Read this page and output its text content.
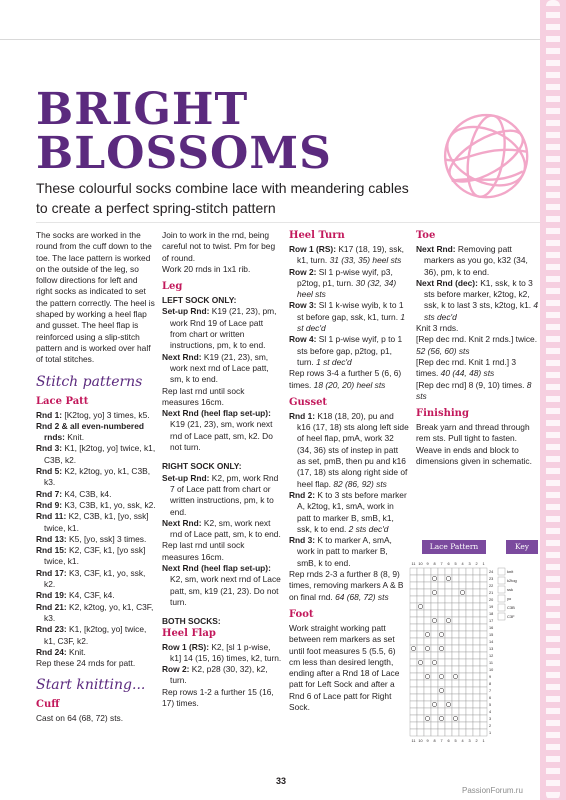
BRIGHT
BLOSSOMS
These colourful socks combine lace with meandering cables to create a perfect spring-stitch pattern

The socks are worked in the round from the cuff down to the toe. The lace pattern is worked on the outside of the leg, so follow directions for left and right socks as indicated to set the pattern correctly. The heel is shaped by working a heel flap and gusset. The heel flap is reinforced using a slip-stitch pattern and is worked over half of total stitches.

Stitch patterns
Lace Patt

Rnd 1: [K2tog, yo] 3 times, k5.

Rnd 2 & all even-numbered rnds: Knit.

Rnd 3: K1, [k2tog, yo] twice, k1, C3B, k2.

Rnd 5: K2, k2tog, yo, k1, C3B, k3.

Rnd 7: K4, C3B, k4.

Rnd 9: K3, C3B, k1, yo, ssk, k2.

Rnd 11: K2, C3B, k1, [yo, ssk] twice, k1.

Rnd 13: K5, [yo, ssk] 3 times.

Rnd 15: K2, C3F, k1, [yo ssk] twice, k1.

Rnd 17: K3, C3F, k1, yo, ssk, k2.

Rnd 19: K4, C3F, k4.

Rnd 21: K2, k2tog, yo, k1, C3F, k3.

Rnd 23: K1, [k2tog, yo] twice, k1, C3F, k2.

Rnd 24: Knit.

Rep these 24 rnds for patt.

Start knitting...
Cuff

Cast on 64 (68, 72) sts.

Join to work in the rnd, being careful not to twist. Pm for beg of round.

Work 20 rnds in 1x1 rib.

Leg

LEFT SOCK ONLY:

Set-up Rnd: K19 (21, 23), pm, work Rnd 19 of Lace patt from chart or written instructions, pm, k to end.

Next Rnd: K19 (21, 23), sm, work next rnd of Lace patt, sm, k to end.

Rep last rnd until sock measures 16cm.

Next Rnd (heel flap set-up): K19 (21, 23), sm, work next rnd of Lace patt, sm, k2. Do not turn.

RIGHT SOCK ONLY:

Set-up Rnd: K2, pm, work Rnd 7 of Lace patt from chart or written instructions, pm, k to end.

Next Rnd: K2, sm, work next rnd of Lace patt, sm, k to end.

Rep last rnd until sock measures 16cm.

Next Rnd (heel flap set-up): K2, sm, work next rnd of Lace patt, sm, k19 (21, 23). Do not turn.

BOTH SOCKS:

Heel Flap

Row 1 (RS): K2, [sl 1 p-wise, k1] 14 (15, 16) times, k2, turn.

Row 2: K2, p28 (30, 32), k2, turn.

Rep rows 1-2 a further 15 (16, 17) times.

Heel Turn

Row 1 (RS): K17 (18, 19), ssk, k1, turn. 31 (33, 35) heel sts

Row 2: Sl 1 p-wise wyif, p3, p2tog, p1, turn. 30 (32, 34) heel sts

Row 3: Sl 1 k-wise wyib, k to 1 st before gap, ssk, k1, turn. 1 st dec'd

Row 4: Sl 1 p-wise wyif, p to 1 sts before gap, p2tog, p1, turn. 1 st dec'd

Rep rows 3-4 a further 5 (6, 6) times. 18 (20, 20) heel sts

Gusset

Rnd 1: K18 (18, 20), pu and k16 (17, 18) sts along left side of heel flap, pmA, work 32 (34, 36) sts of instep in patt as set, pmB, then pu and k16 (17, 18) sts along right side of heel flap. 82 (86, 92) sts

Rnd 2: K to 3 sts before marker A, k2tog, k1, smA, work in patt to marker B, smB, k1, ssk, k to end. 2 sts dec'd

Rnd 3: K to marker A, smA, work in patt to marker B, smB, k to end.

Rep rnds 2-3 a further 8 (8, 9) times, removing markers A & B on final rnd. 64 (68, 72) sts

Foot

Work straight working patt between rem markers as set until foot measures 5 (5.5, 6) cm less than desired length, ending after a Rnd 18 of Lace patt for Left Sock and after a Rnd 6 of Lace patt for Right Sock.

Toe

Next Rnd: Removing patt markers as you go, k32 (34, 36), pm, k to end.

Next Rnd (dec): K1, ssk, k to 3 sts before marker, k2tog, k2, ssk, k to last 3 sts, k2tog, k1. 4 sts dec'd

Knit 3 rnds.

[Rep dec rnd. Knit 2 rnds.] twice. 52 (56, 60) sts

[Rep dec rnd. Knit 1 rnd.] 3 times. 40 (44, 48) sts

[Rep dec rnd] 8 (9, 10) times. 8 sts

Finishing

Break yarn and thread through rem sts. Pull tight to fasten. Weave in ends and block to dimensions given in schematic.

Lace Pattern	Key
11
11
10
10
9
9
8
8
7
7
6
6
5
5
4
4
3
3
2
2
1
1
24
23
22
21
20
19
18
17
16
15
14
13
12
11
10
9
8
7
6
5
4
3
2
1
knit
k2tog
ssk
yo
C3B
C3F
33
PassionForum.ru
